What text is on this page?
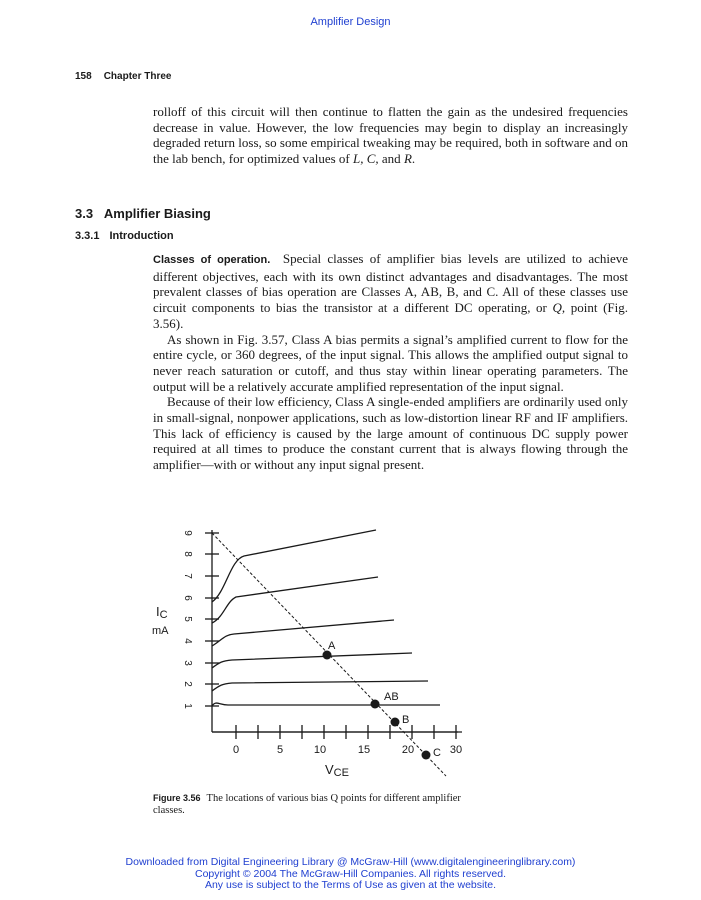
Amplifier Design
158 Chapter Three

rolloff of this circuit will then continue to flatten the gain as the undesired frequencies decrease in value. However, the low frequencies may begin to display an increasingly degraded return loss, so some empirical tweaking may be required, both in software and on the lab bench, for optimized values of L, C, and R.

3.3 Amplifier Biasing
3.3.1 Introduction

Classes of operation. Special classes of amplifier bias levels are utilized to achieve different objectives, each with its own distinct advantages and disadvantages. The most prevalent classes of bias operation are Classes A, AB, B, and C. All of these classes use circuit components to bias the transistor at a different DC operating, or Q, point (Fig. 3.56).

As shown in Fig. 3.57, Class A bias permits a signal’s amplified current to flow for the entire cycle, or 360 degrees, of the input signal. This allows the amplified output signal to never reach saturation or cutoff, and thus stay within linear operating parameters. The output will be a relatively accurate amplified representation of the input signal.

Because of their low efficiency, Class A single-ended amplifiers are ordinarily used only in small-signal, nonpower applications, such as low-distortion linear RF and IF amplifiers. This lack of efficiency is caused by the large amount of continuous DC supply power required at all times to produce the constant current that is always flowing through the amplifier—with or without any input signal present.

1
2
3
4
5
6
7
8
9
0	5	10	15	20	30
A
AB
B
C
IC
mA
VCE
Figure 3.56 The locations of various bias Q points for different amplifier classes.
Downloaded from Digital Engineering Library @ McGraw-Hill (www.digitalengineeringlibrary.com)
Copyright © 2004 The McGraw-Hill Companies. All rights reserved.
Any use is subject to the Terms of Use as given at the website.
